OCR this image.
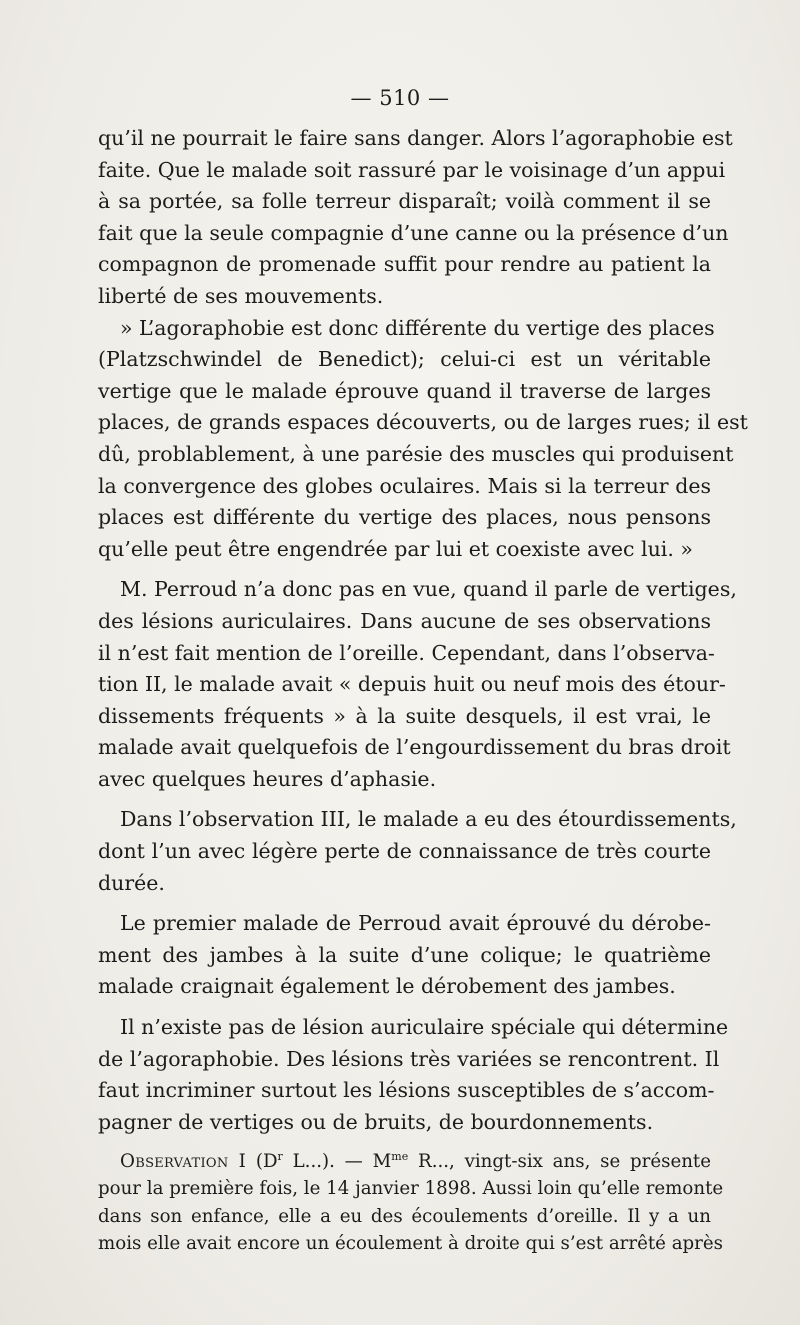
— 510 —

qu’il ne pourrait le faire sans danger. Alors l’agoraphobie est
faite. Que le malade soit rassuré par le voisinage d’un appui
à sa portée, sa folle terreur disparaît; voilà comment il se
fait que la seule compagnie d’une canne ou la présence d’un
compagnon de promenade suffit pour rendre au patient la
liberté de ses mouvements.

» L’agoraphobie est donc différente du vertige des places
(Platzschwindel de Benedict); celui-ci est un véritable
vertige que le malade éprouve quand il traverse de larges
places, de grands espaces découverts, ou de larges rues; il est
dû, problablement, à une parésie des muscles qui produisent
la convergence des globes oculaires. Mais si la terreur des
places est différente du vertige des places, nous pensons
qu’elle peut être engendrée par lui et coexiste avec lui. »

M. Perroud n’a donc pas en vue, quand il parle de vertiges,
des lésions auriculaires. Dans aucune de ses observations
il n’est fait mention de l’oreille. Cependant, dans l’observa-
tion II, le malade avait « depuis huit ou neuf mois des étour-
dissements fréquents » à la suite desquels, il est vrai, le
malade avait quelquefois de l’engourdissement du bras droit
avec quelques heures d’aphasie.

Dans l’observation III, le malade a eu des étourdissements,
dont l’un avec légère perte de connaissance de très courte
durée.

Le premier malade de Perroud avait éprouvé du dérobe-
ment des jambes à la suite d’une colique; le quatrième
malade craignait également le dérobement des jambes.

Il n’existe pas de lésion auriculaire spéciale qui détermine
de l’agoraphobie. Des lésions très variées se rencontrent. Il
faut incriminer surtout les lésions susceptibles de s’accom-
pagner de vertiges ou de bruits, de bourdonnements.

Observation I ($D^r$ L...). — $M^{me}$ R..., vingt-six ans, se présente
pour la première fois, le 14 janvier 1898. Aussi loin qu’elle remonte
dans son enfance, elle a eu des écoulements d’oreille. Il y a un
mois elle avait encore un écoulement à droite qui s’est arrêté après
